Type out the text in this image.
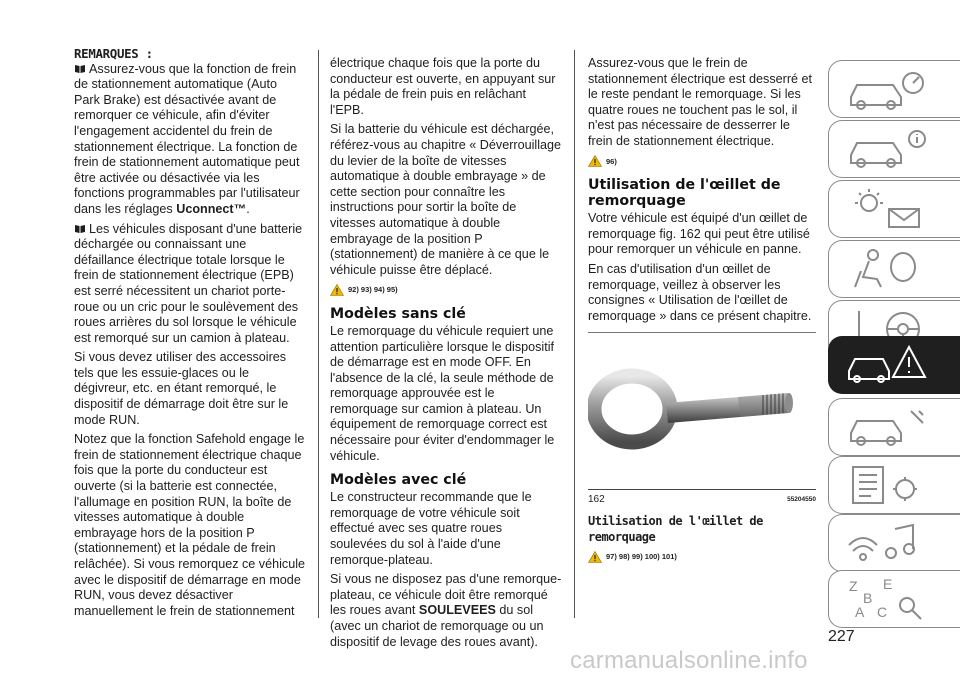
REMARQUES :

Assurez-vous que la fonction de frein de stationnement automatique (Auto Park Brake) est désactivée avant de remorquer ce véhicule, afin d'éviter l'engagement accidentel du frein de stationnement électrique. La fonction de frein de stationnement automatique peut être activée ou désactivée via les fonctions programmables par l'utilisateur dans les réglages Uconnect™.

Les véhicules disposant d'une batterie déchargée ou connaissant une défaillance électrique totale lorsque le frein de stationnement électrique (EPB) est serré nécessitent un chariot porte-roue ou un cric pour le soulèvement des roues arrières du sol lorsque le véhicule est remorqué sur un camion à plateau.

Si vous devez utiliser des accessoires tels que les essuie-glaces ou le dégivreur, etc. en étant remorqué, le dispositif de démarrage doit être sur le mode RUN.

Notez que la fonction Safehold engage le frein de stationnement électrique chaque fois que la porte du conducteur est ouverte (si la batterie est connectée, l'allumage en position RUN, la boîte de vitesses automatique à double embrayage hors de la position P (stationnement) et la pédale de frein relâchée). Si vous remorquez ce véhicule avec le dispositif de démarrage en mode RUN, vous devez désactiver manuellement le frein de stationnement

électrique chaque fois que la porte du conducteur est ouverte, en appuyant sur la pédale de frein puis en relâchant l'EPB.

Si la batterie du véhicule est déchargée, référez-vous au chapitre « Déverrouillage du levier de la boîte de vitesses automatique à double embrayage » de cette section pour connaître les instructions pour sortir la boîte de vitesses automatique à double embrayage de la position P (stationnement) de manière à ce que le véhicule puisse être déplacé.

92) 93) 94) 95)
Modèles sans clé

Le remorquage du véhicule requiert une attention particulière lorsque le dispositif de démarrage est en mode OFF. En l'absence de la clé, la seule méthode de remorquage approuvée est le remorquage sur camion à plateau. Un équipement de remorquage correct est nécessaire pour éviter d'endommager le véhicule.

Modèles avec clé

Le constructeur recommande que le remorquage de votre véhicule soit effectué avec ses quatre roues soulevées du sol à l'aide d'une remorque-plateau.

Si vous ne disposez pas d'une remorque-plateau, ce véhicule doit être remorqué les roues avant SOULEVEES du sol (avec un chariot de remorquage ou un dispositif de levage des roues avant).

Assurez-vous que le frein de stationnement électrique est desserré et le reste pendant le remorquage. Si les quatre roues ne touchent pas le sol, il n'est pas nécessaire de desserrer le frein de stationnement électrique.

96)
Utilisation de l'œillet de remorquage

Votre véhicule est équipé d'un œillet de remorquage fig. 162 qui peut être utilisé pour remorquer un véhicule en panne.

En cas d'utilisation d'un œillet de remorquage, veillez à observer les consignes « Utilisation de l'œillet de remorquage » dans ce présent chapitre.

162	55204550
Utilisation de l'œillet de remorquage
97) 98) 99) 100) 101)
Z E
B
A C
227
carmanualsonline.info
